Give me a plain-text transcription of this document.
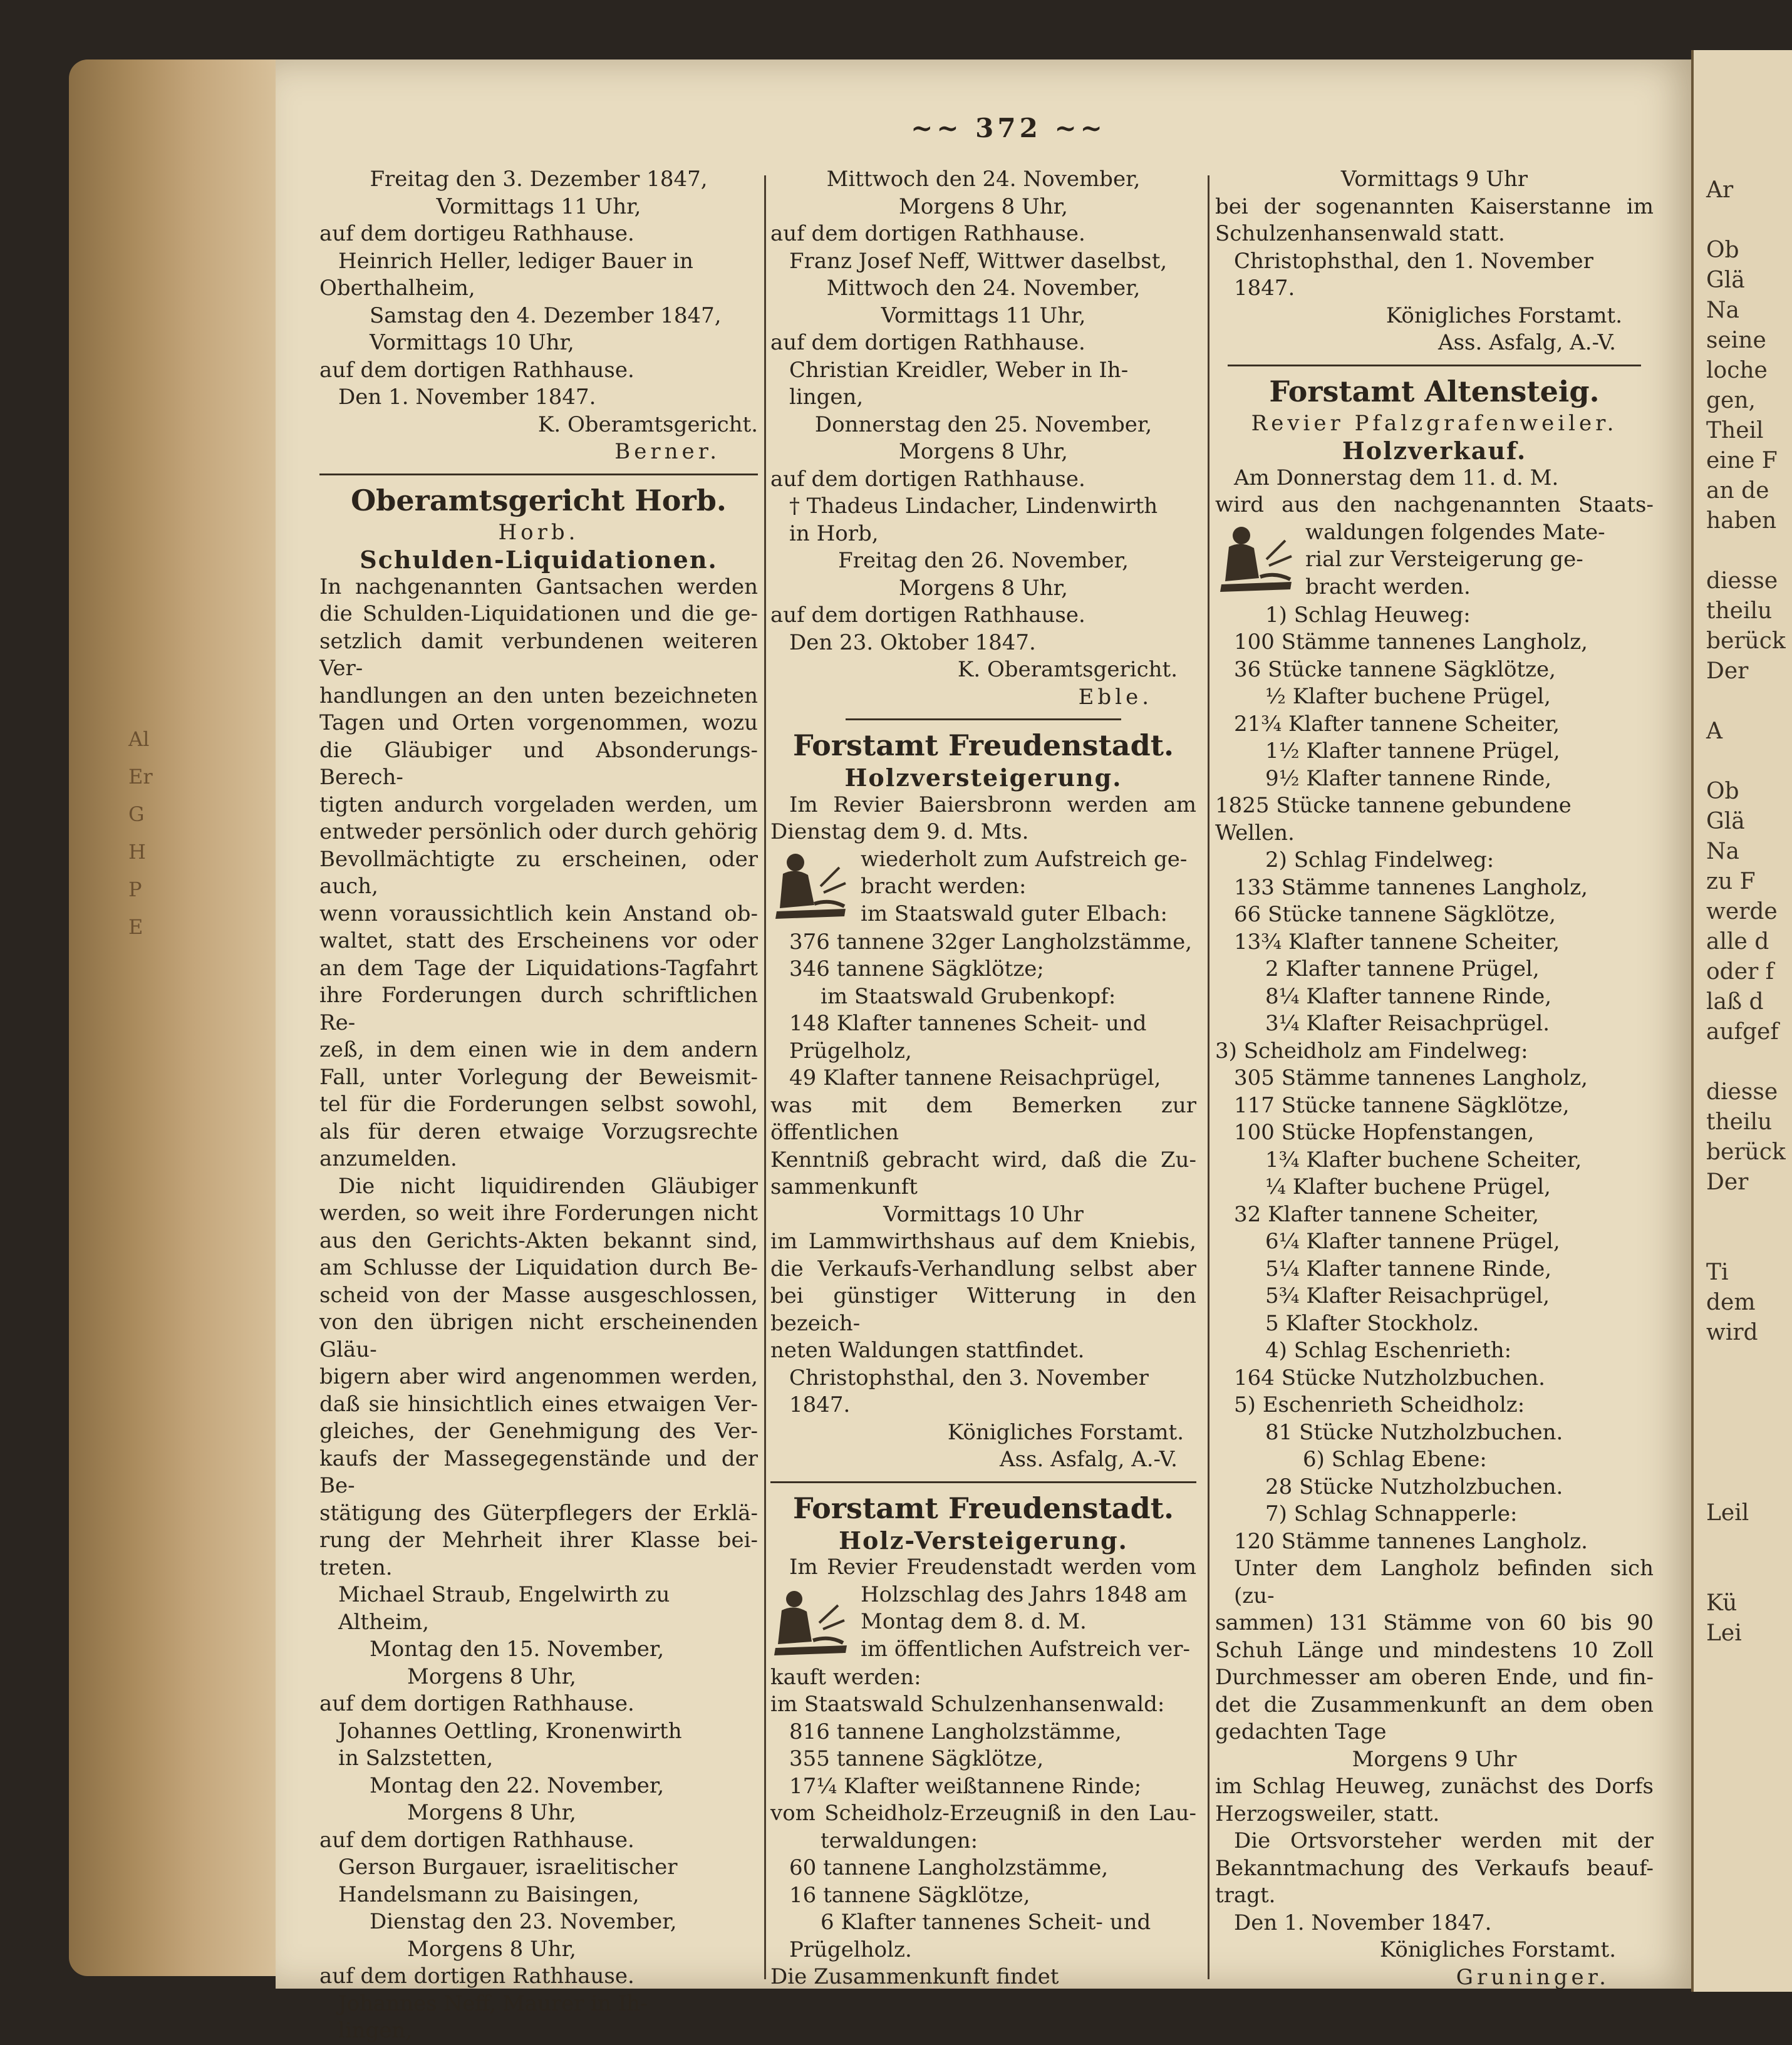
Al
Er
G
H
P
E
~~ 372 ~~
Freitag den 3. Dezember 1847,
Vormittags 11 Uhr,
auf dem dortigeu Rathhause.
Heinrich Heller, lediger Bauer in
Oberthalheim,
Samstag den 4. Dezember 1847,
Vormittags 10 Uhr,
auf dem dortigen Rathhause.
Den 1. November 1847.
K. Oberamtsgericht.
Berner.
Oberamtsgericht Horb.
Horb.
Schulden-Liquidationen.
In nachgenannten Gantsachen werden
die Schulden-Liquidationen und die ge-
setzlich damit verbundenen weiteren Ver-
handlungen an den unten bezeichneten
Tagen und Orten vorgenommen, wozu
die Gläubiger und Absonderungs-Berech-
tigten andurch vorgeladen werden, um
entweder persönlich oder durch gehörig
Bevollmächtigte zu erscheinen, oder auch,
wenn voraussichtlich kein Anstand ob-
waltet, statt des Erscheinens vor oder
an dem Tage der Liquidations-Tagfahrt
ihre Forderungen durch schriftlichen Re-
zeß, in dem einen wie in dem andern
Fall, unter Vorlegung der Beweismit-
tel für die Forderungen selbst sowohl,
als für deren etwaige Vorzugsrechte
anzumelden.
Die nicht liquidirenden Gläubiger
werden, so weit ihre Forderungen nicht
aus den Gerichts-Akten bekannt sind,
am Schlusse der Liquidation durch Be-
scheid von der Masse ausgeschlossen,
von den übrigen nicht erscheinenden Gläu-
bigern aber wird angenommen werden,
daß sie hinsichtlich eines etwaigen Ver-
gleiches, der Genehmigung des Ver-
kaufs der Massegegenstände und der Be-
stätigung des Güterpflegers der Erklä-
rung der Mehrheit ihrer Klasse bei-
treten.
Michael Straub, Engelwirth zu
Altheim,
Montag den 15. November,
Morgens 8 Uhr,
auf dem dortigen Rathhause.
Johannes Oettling, Kronenwirth
in Salzstetten,
Montag den 22. November,
Morgens 8 Uhr,
auf dem dortigen Rathhause.
Gerson Burgauer, israelitischer
Handelsmann zu Baisingen,
Dienstag den 23. November,
Morgens 8 Uhr,
auf dem dortigen Rathhause.
Johannes Neff, Maurer in Ih-
lingen,
Mittwoch den 24. November,
Morgens 8 Uhr,
auf dem dortigen Rathhause.
Franz Josef Neff, Wittwer daselbst,
Mittwoch den 24. November,
Vormittags 11 Uhr,
auf dem dortigen Rathhause.
Christian Kreidler, Weber in Ih-
lingen,
Donnerstag den 25. November,
Morgens 8 Uhr,
auf dem dortigen Rathhause.
† Thadeus Lindacher, Lindenwirth
in Horb,
Freitag den 26. November,
Morgens 8 Uhr,
auf dem dortigen Rathhause.
Den 23. Oktober 1847.
K. Oberamtsgericht.
Eble.
Forstamt Freudenstadt.
Holzversteigerung.
Im Revier Baiersbronn werden am
Dienstag dem 9. d. Mts.
wiederholt zum Aufstreich ge-
bracht werden:
im Staatswald guter Elbach:
376 tannene 32ger Langholzstämme,
346 tannene Sägklötze;
im Staatswald Grubenkopf:
148 Klafter tannenes Scheit- und
Prügelholz,
49 Klafter tannene Reisachprügel,
was mit dem Bemerken zur öffentlichen
Kenntniß gebracht wird, daß die Zu-
sammenkunft
Vormittags 10 Uhr
im Lammwirthshaus auf dem Kniebis,
die Verkaufs-Verhandlung selbst aber
bei günstiger Witterung in den bezeich-
neten Waldungen stattfindet.
Christophsthal, den 3. November 1847.
Königliches Forstamt.
Ass. Asfalg, A.-V.
Forstamt Freudenstadt.
Holz-Versteigerung.
Im Revier Freudenstadt werden vom
Holzschlag des Jahrs 1848 am
Montag dem 8. d. M.
im öffentlichen Aufstreich ver-
kauft werden:
im Staatswald Schulzenhansenwald:
816 tannene Langholzstämme,
355 tannene Sägklötze,
17¼ Klafter weißtannene Rinde;
vom Scheidholz-Erzeugniß in den Lau-
terwaldungen:
60 tannene Langholzstämme,
16 tannene Sägklötze,
6 Klafter tannenes Scheit- und
Prügelholz.
Die Zusammenkunft findet
Vormittags 9 Uhr
bei der sogenannten Kaiserstanne im
Schulzenhansenwald statt.
Christophsthal, den 1. November 1847.
Königliches Forstamt.
Ass. Asfalg, A.-V.
Forstamt Altensteig.
Revier Pfalzgrafenweiler.
Holzverkauf.
Am Donnerstag dem 11. d. M.
wird aus den nachgenannten Staats-
waldungen folgendes Mate-
rial zur Versteigerung ge-
bracht werden.
1) Schlag Heuweg:
100 Stämme tannenes Langholz,
36 Stücke tannene Sägklötze,
½ Klafter buchene Prügel,
21¾ Klafter tannene Scheiter,
1½ Klafter tannene Prügel,
9½ Klafter tannene Rinde,
1825 Stücke tannene gebundene Wellen.
2) Schlag Findelweg:
133 Stämme tannenes Langholz,
66 Stücke tannene Sägklötze,
13¾ Klafter tannene Scheiter,
2 Klafter tannene Prügel,
8¼ Klafter tannene Rinde,
3¼ Klafter Reisachprügel.
3) Scheidholz am Findelweg:
305 Stämme tannenes Langholz,
117 Stücke tannene Sägklötze,
100 Stücke Hopfenstangen,
1¾ Klafter buchene Scheiter,
¼ Klafter buchene Prügel,
32 Klafter tannene Scheiter,
6¼ Klafter tannene Prügel,
5¼ Klafter tannene Rinde,
5¾ Klafter Reisachprügel,
5 Klafter Stockholz.
4) Schlag Eschenrieth:
164 Stücke Nutzholzbuchen.
5) Eschenrieth Scheidholz:
81 Stücke Nutzholzbuchen.
6) Schlag Ebene:
28 Stücke Nutzholzbuchen.
7) Schlag Schnapperle:
120 Stämme tannenes Langholz.
Unter dem Langholz befinden sich (zu-
sammen) 131 Stämme von 60 bis 90
Schuh Länge und mindestens 10 Zoll
Durchmesser am oberen Ende, und fin-
det die Zusammenkunft an dem oben
gedachten Tage
Morgens 9 Uhr
im Schlag Heuweg, zunächst des Dorfs
Herzogsweiler, statt.
Die Ortsvorsteher werden mit der
Bekanntmachung des Verkaufs beauf-
tragt.
Den 1. November 1847.
Königliches Forstamt.
Gruninger.
Ar
Ob
Glä
Na
seine
loche
gen,
Theil
eine F
an de
haben
diesse
theilu
berück
Der
A
Ob
Glä
Na
zu F
werde
alle d
oder f
laß d
aufgef
diesse
theilu
berück
Der
Ti
dem
wird
Leil
Kü
Lei
